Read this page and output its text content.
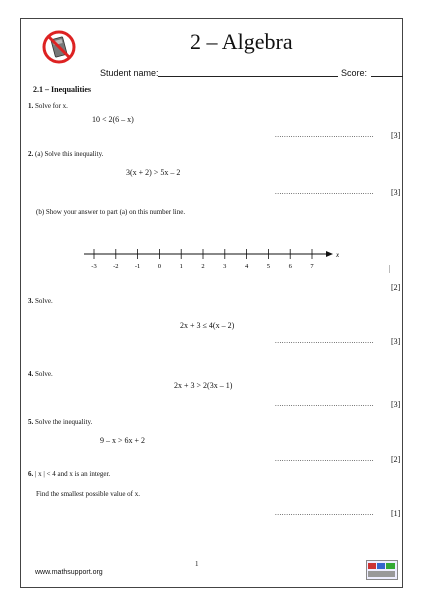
2 – Algebra
Student name:	Score:
2.1 – Inequalities
1. Solve for x.
10 < 2(6 – x)
............................................ [3]
2. (a) Solve this inequality.
3(x + 2) > 5x – 2
............................................ [3]
(b) Show your answer to part (a) on this number line.
-3	-2	-1	0	1	2	3	4	5	6	7
x
[2]
3. Solve.
2x + 3 ≤ 4(x – 2)
............................................ [3]
4. Solve.
2x + 3 > 2(3x – 1)
............................................ [3]
5. Solve the inequality.
9 – x > 6x + 2
............................................ [2]
6. | x | < 4 and x is an integer.
Find the smallest possible value of x.
............................................ [1]
1
www.mathsupport.org
